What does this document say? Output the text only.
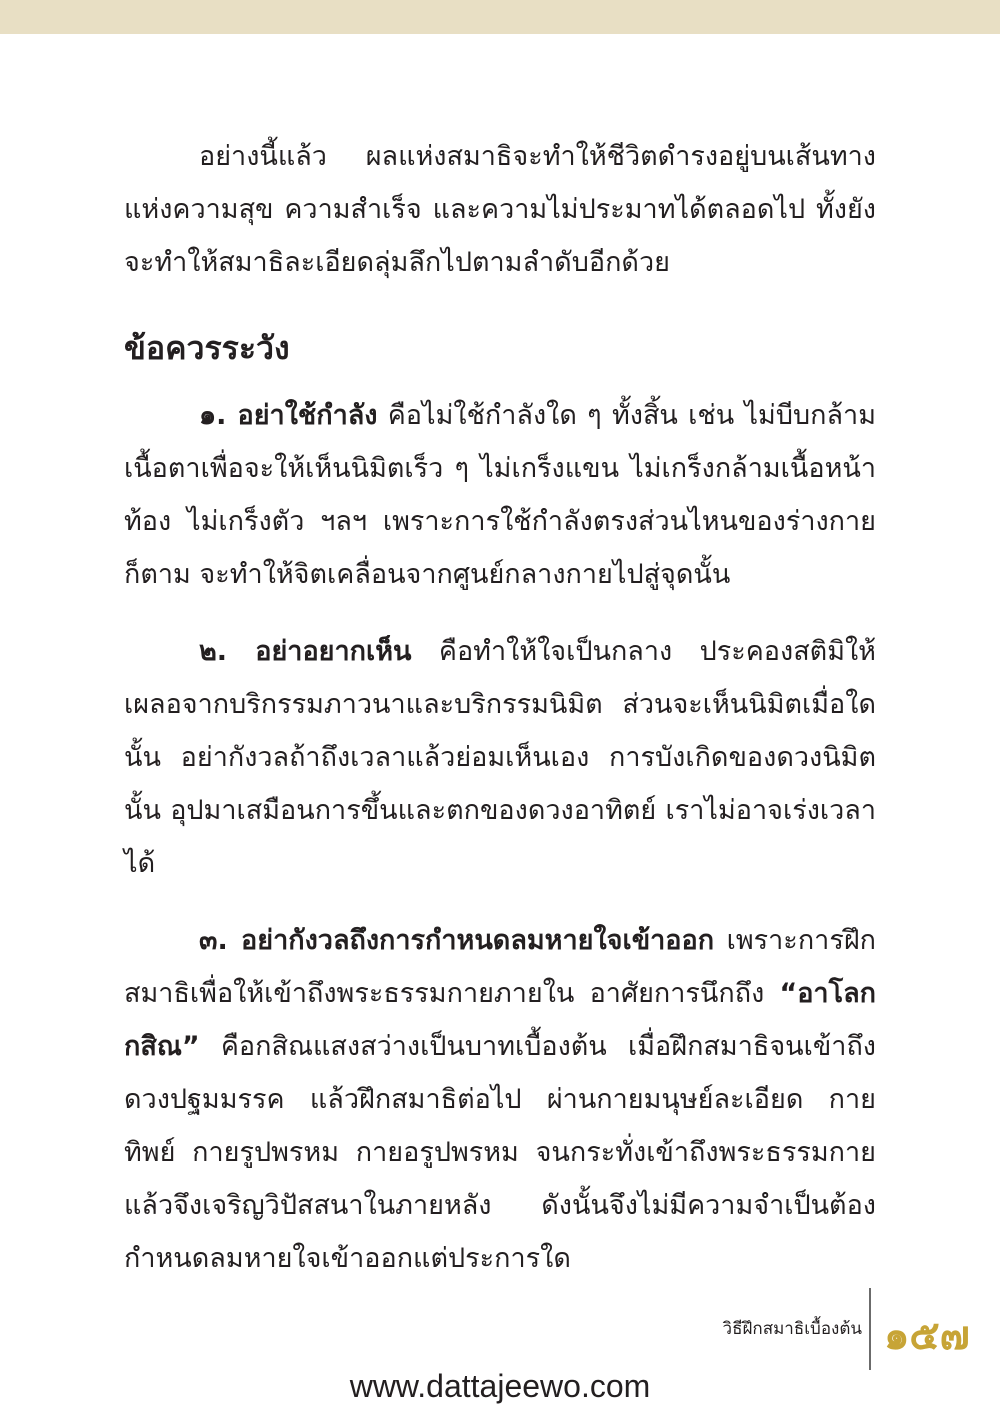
อย่างนี้แล้ว ผลแห่งสมาธิจะทำให้ชีวิตดำรงอยู่บนเส้นทางแห่งความสุข ความสำเร็จ และความไม่ประมาทได้ตลอดไป ทั้งยังจะทำให้สมาธิละเอียดลุ่มลึกไปตามลำดับอีกด้วย

ข้อควรระวัง

๑. อย่าใช้กำลัง คือไม่ใช้กำลังใด ๆ ทั้งสิ้น เช่น ไม่บีบกล้ามเนื้อตาเพื่อจะให้เห็นนิมิตเร็ว ๆ ไม่เกร็งแขน ไม่เกร็งกล้ามเนื้อหน้าท้อง ไม่เกร็งตัว ฯลฯ เพราะการใช้กำลังตรงส่วนไหนของร่างกายก็ตาม จะทำให้จิตเคลื่อนจากศูนย์กลางกายไปสู่จุดนั้น

๒. อย่าอยากเห็น คือทำให้ใจเป็นกลาง ประคองสติมิให้เผลอจากบริกรรมภาวนาและบริกรรมนิมิต ส่วนจะเห็นนิมิตเมื่อใดนั้น อย่ากังวลถ้าถึงเวลาแล้วย่อมเห็นเอง การบังเกิดของดวงนิมิตนั้น อุปมาเสมือนการขึ้นและตกของดวงอาทิตย์ เราไม่อาจเร่งเวลาได้

๓. อย่ากังวลถึงการกำหนดลมหายใจเข้าออก เพราะการฝึกสมาธิเพื่อให้เข้าถึงพระธรรมกายภายใน อาศัยการนึกถึง “อาโลกกสิณ” คือกสิณแสงสว่างเป็นบาทเบื้องต้น เมื่อฝึกสมาธิจนเข้าถึงดวงปฐมมรรค แล้วฝึกสมาธิต่อไป ผ่านกายมนุษย์ละเอียด กายทิพย์ กายรูปพรหม กายอรูปพรหม จนกระทั่งเข้าถึงพระธรรมกายแล้วจึงเจริญวิปัสสนาในภายหลัง ดังนั้นจึงไม่มีความจำเป็นต้องกำหนดลมหายใจเข้าออกแต่ประการใด

วิธีฝึกสมาธิเบื้องต้น ๑๕๗
www.dattajeewo.com
